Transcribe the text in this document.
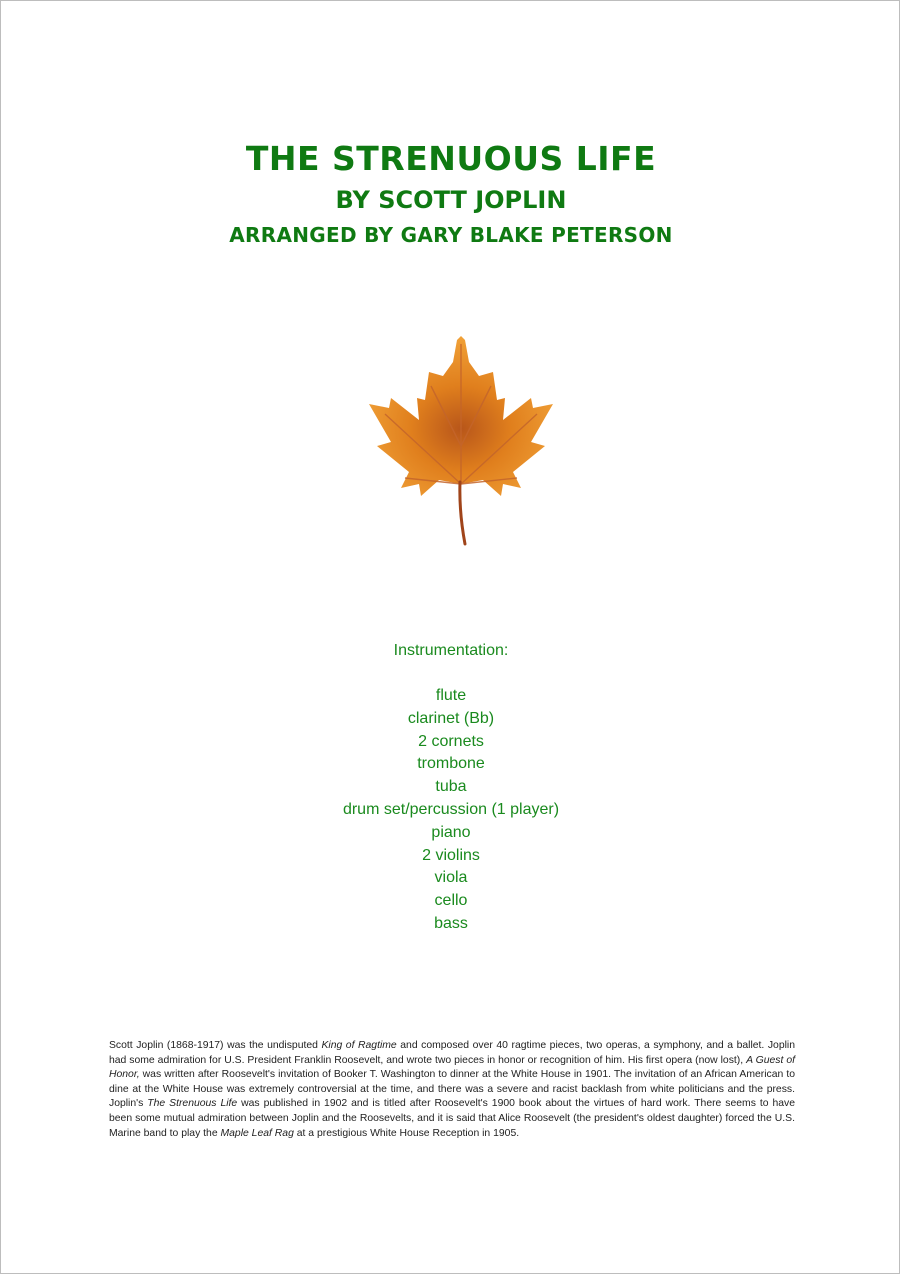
THE STRENUOUS LIFE
BY SCOTT JOPLIN
ARRANGED BY GARY BLAKE PETERSON
Instrumentation:
flute
clarinet (Bb)
2 cornets
trombone
tuba
drum set/percussion (1 player)
piano
2 violins
viola
cello
bass

Scott Joplin (1868-1917) was the undisputed King of Ragtime and composed over 40 ragtime pieces, two operas, a symphony, and a ballet. Joplin had some admiration for U.S. President Franklin Roosevelt, and wrote two pieces in honor or recognition of him. His first opera (now lost), A Guest of Honor, was written after Roosevelt's invitation of Booker T. Washington to dinner at the White House in 1901. The invitation of an African American to dine at the White House was extremely controversial at the time, and there was a severe and racist backlash from white politicians and the press. Joplin's The Strenuous Life was published in 1902 and is titled after Roosevelt's 1900 book about the virtues of hard work. There seems to have been some mutual admiration between Joplin and the Roosevelts, and it is said that Alice Roosevelt (the president's oldest daughter) forced the U.S. Marine band to play the Maple Leaf Rag at a prestigious White House Reception in 1905.
